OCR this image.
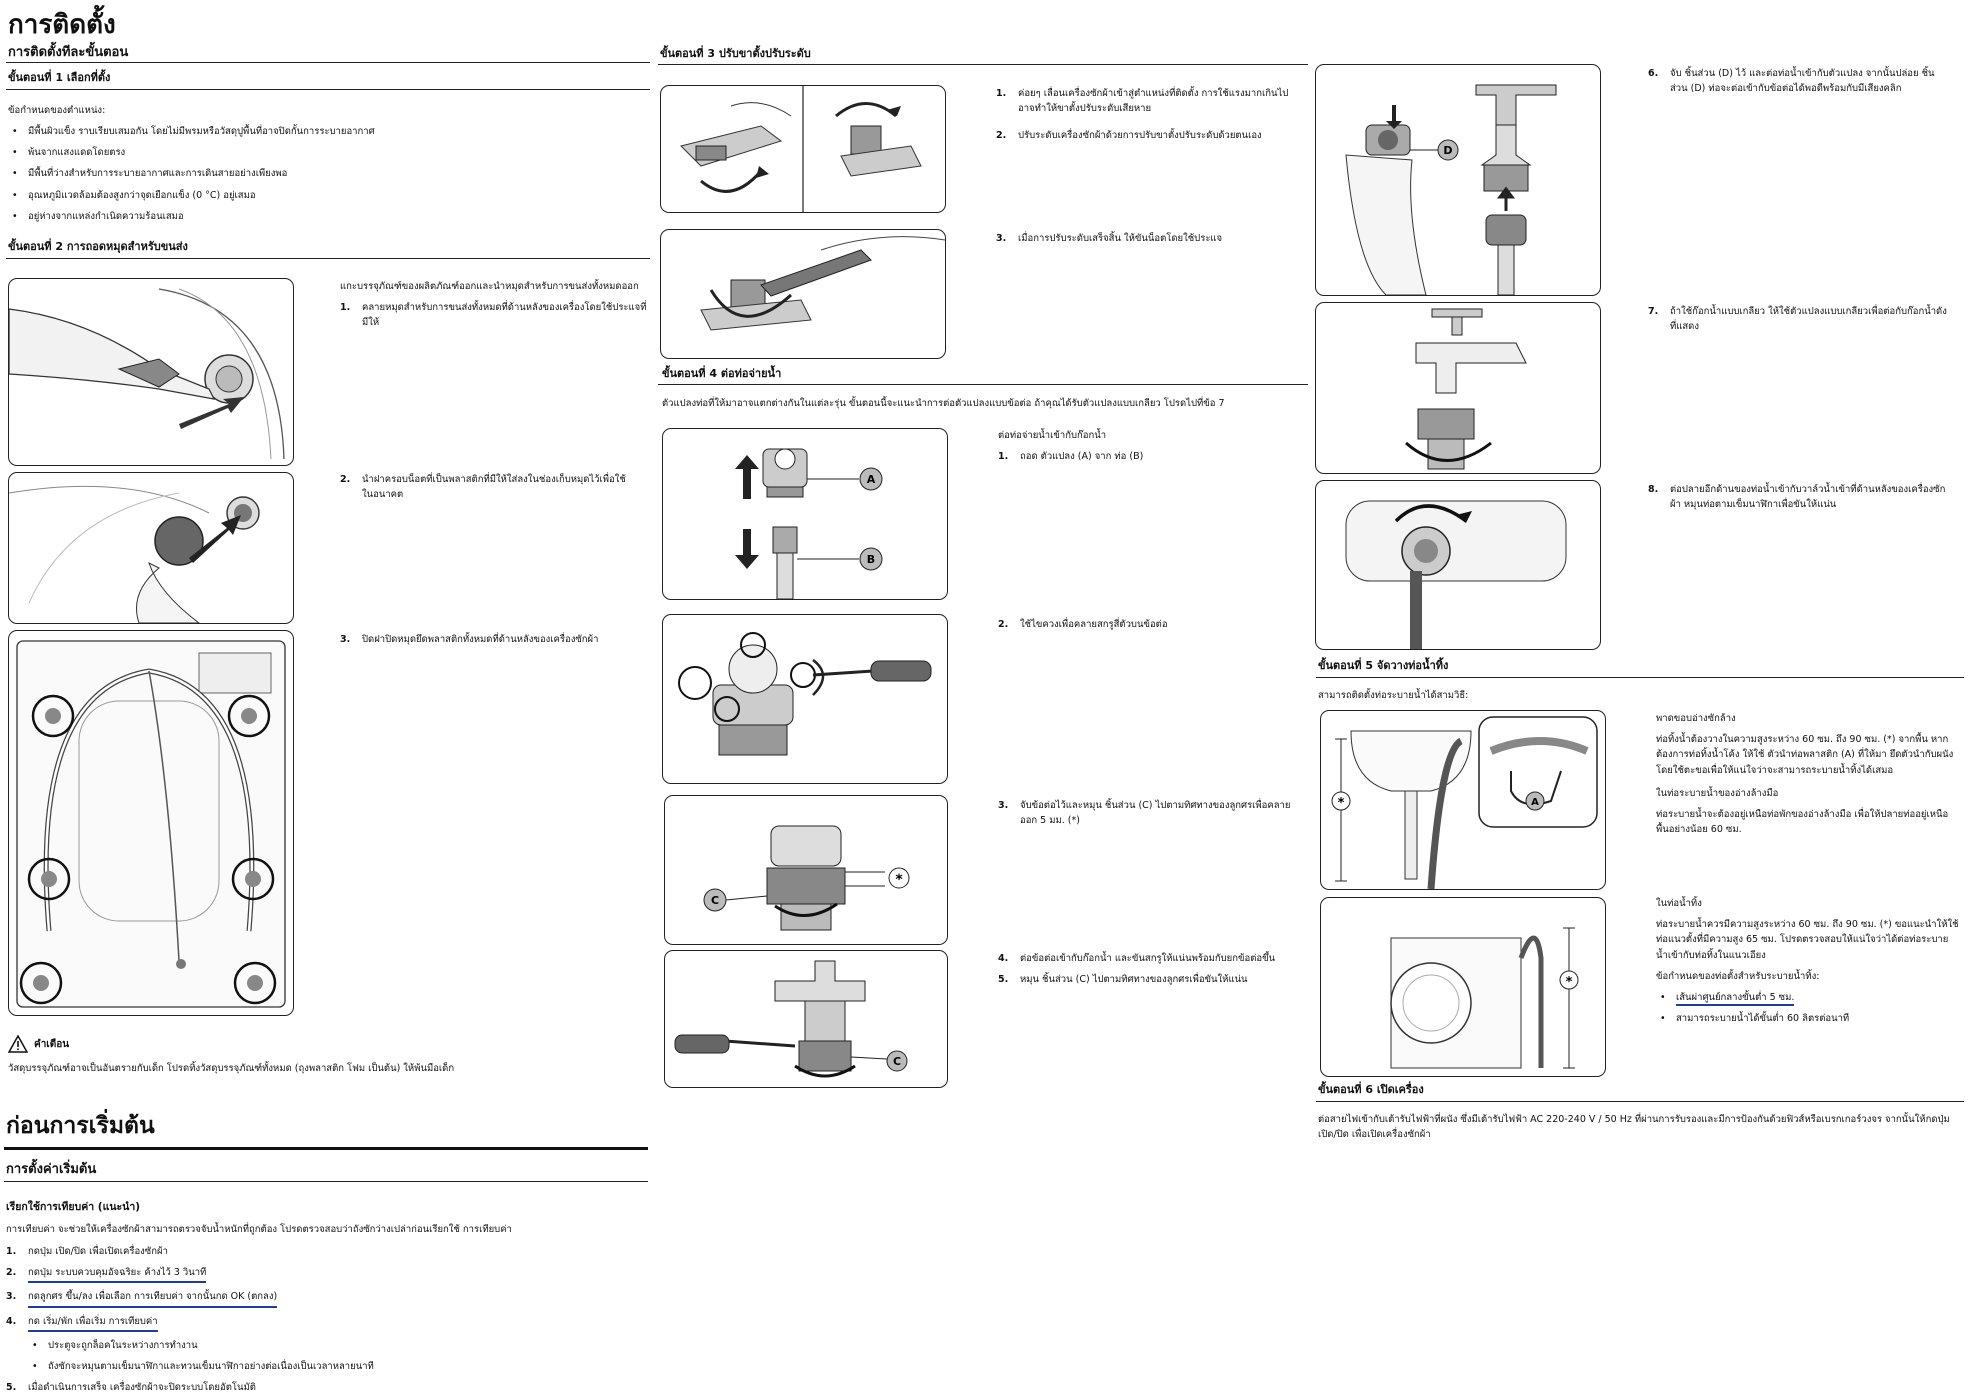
การติดตั้ง
การติดตั้งทีละขั้นตอน
ขั้นตอนที่ 1 เลือกที่ตั้ง
ข้อกำหนดของตำแหน่ง:
• มีพื้นผิวแข็ง ราบเรียบเสมอกัน โดยไม่มีพรมหรือวัสดุปูพื้นที่อาจปิดกั้นการระบายอากาศ
• พ้นจากแสงแดดโดยตรง
• มีพื้นที่ว่างสำหรับการระบายอากาศและการเดินสายอย่างเพียงพอ
• อุณหภูมิแวดล้อมต้องสูงกว่าจุดเยือกแข็ง (0 °C) อยู่เสมอ
• อยู่ห่างจากแหล่งกำเนิดความร้อนเสมอ
ขั้นตอนที่ 2 การถอดหมุดสำหรับขนส่ง
แกะบรรจุภัณฑ์ของผลิตภัณฑ์ออกและนำหมุดสำหรับการขนส่งทั้งหมดออก
1.	คลายหมุดสำหรับการขนส่งทั้งหมดที่ด้านหลังของเครื่องโดยใช้ประแจที่มีให้
2.	นำฝาครอบน็อตที่เป็นพลาสติกที่มีให้ใส่ลงในช่องเก็บหมุดไว้เพื่อใช้ในอนาคต
3.	ปิดฝาปิดหมุดยึดพลาสติกทั้งหมดที่ด้านหลังของเครื่องซักผ้า
คำเตือน
วัสดุบรรจุภัณฑ์อาจเป็นอันตรายกับเด็ก โปรดทิ้งวัสดุบรรจุภัณฑ์ทั้งหมด (ถุงพลาสติก โฟม เป็นต้น) ให้พ้นมือเด็ก
ก่อนการเริ่มต้น
การตั้งค่าเริ่มต้น
เรียกใช้การเทียบค่า (แนะนำ)
การเทียบค่า จะช่วยให้เครื่องซักผ้าสามารถตรวจจับน้ำหนักที่ถูกต้อง โปรดตรวจสอบว่าถังซักว่างเปล่าก่อนเรียกใช้ การเทียบค่า
1.	กดปุ่ม เปิด/ปิด เพื่อเปิดเครื่องซักผ้า
2.	กดปุ่ม ระบบควบคุมอัจฉริยะ ค้างไว้ 3 วินาที
3.	กดลูกศร ขึ้น/ลง เพื่อเลือก การเทียบค่า จากนั้นกด OK (ตกลง)
4.	กด เริ่ม/พัก เพื่อเริ่ม การเทียบค่า
• ประตูจะถูกล็อคในระหว่างการทำงาน
• ถังซักจะหมุนตามเข็มนาฬิกาและทวนเข็มนาฬิกาอย่างต่อเนื่องเป็นเวลาหลายนาที
5.	เมื่อดำเนินการเสร็จ เครื่องซักผ้าจะปิดระบบโดยอัตโนมัติ
ขั้นตอนที่ 3 ปรับขาตั้งปรับระดับ
1.	ค่อยๆ เลื่อนเครื่องซักผ้าเข้าสู่ตำแหน่งที่ติดตั้ง การใช้แรงมากเกินไปอาจทำให้ขาตั้งปรับระดับเสียหาย
2.	ปรับระดับเครื่องซักผ้าด้วยการปรับขาตั้งปรับระดับด้วยตนเอง
3.	เมื่อการปรับระดับเสร็จสิ้น ให้ขันน็อตโดยใช้ประแจ
ขั้นตอนที่ 4 ต่อท่อจ่ายน้ำ
ตัวแปลงท่อที่ให้มาอาจแตกต่างกันในแต่ละรุ่น ขั้นตอนนี้จะแนะนำการต่อตัวแปลงแบบข้อต่อ ถ้าคุณได้รับตัวแปลงแบบเกลียว โปรดไปที่ข้อ 7
A
B
*
C
C
ต่อท่อจ่ายน้ำเข้ากับก๊อกน้ำ
1.	ถอด ตัวแปลง (A) จาก ท่อ (B)
2.	ใช้ไขควงเพื่อคลายสกรูสี่ตัวบนข้อต่อ
3.	จับข้อต่อไว้และหมุน ชิ้นส่วน (C) ไปตามทิศทางของลูกศรเพื่อคลายออก 5 มม. (*)
4.	ต่อข้อต่อเข้ากับก๊อกน้ำ และขันสกรูให้แน่นพร้อมกับยกข้อต่อขึ้น
5.	หมุน ชิ้นส่วน (C) ไปตามทิศทางของลูกศรเพื่อขันให้แน่น
D
6.	จับ ชิ้นส่วน (D) ไว้ และต่อท่อน้ำเข้ากับตัวแปลง จากนั้นปล่อย ชิ้นส่วน (D) ท่อจะต่อเข้ากับข้อต่อได้พอดีพร้อมกับมีเสียงคลิก
7.	ถ้าใช้ก๊อกน้ำแบบเกลียว ให้ใช้ตัวแปลงแบบเกลียวเพื่อต่อกับก๊อกน้ำดังที่แสดง
8.	ต่อปลายอีกด้านของท่อน้ำเข้ากับวาล์วน้ำเข้าที่ด้านหลังของเครื่องซักผ้า หมุนท่อตามเข็มนาฬิกาเพื่อขันให้แน่น
ขั้นตอนที่ 5 จัดวางท่อน้ำทิ้ง
สามารถติดตั้งท่อระบายน้ำได้สามวิธี:
*	A
*
พาดขอบอ่างซักล้าง
ท่อทิ้งน้ำต้องวางในความสูงระหว่าง 60 ซม. ถึง 90 ซม. (*) จากพื้น หากต้องการท่อทิ้งน้ำโค้ง ให้ใช้ ตัวนำท่อพลาสติก (A) ที่ให้มา ยึดตัวนำกับผนังโดยใช้ตะขอเพื่อให้แน่ใจว่าจะสามารถระบายน้ำทิ้งได้เสมอ
ในท่อระบายน้ำของอ่างล้างมือ
ท่อระบายน้ำจะต้องอยู่เหนือท่อพักของอ่างล้างมือ เพื่อให้ปลายท่ออยู่เหนือพื้นอย่างน้อย 60 ซม.
ในท่อน้ำทิ้ง
ท่อระบายน้ำควรมีความสูงระหว่าง 60 ซม. ถึง 90 ซม. (*) ขอแนะนำให้ใช้ท่อแนวตั้งที่มีความสูง 65 ซม. โปรดตรวจสอบให้แน่ใจว่าได้ต่อท่อระบายน้ำเข้ากับท่อทิ้งในแนวเอียง
ข้อกำหนดของท่อตั้งสำหรับระบายน้ำทิ้ง:
• เส้นผ่าศูนย์กลางขั้นต่ำ 5 ซม.
• สามารถระบายน้ำได้ขั้นต่ำ 60 ลิตรต่อนาที
ขั้นตอนที่ 6 เปิดเครื่อง
ต่อสายไฟเข้ากับเต้ารับไฟฟ้าที่ผนัง ซึ่งมีเต้ารับไฟฟ้า AC 220-240 V / 50 Hz ที่ผ่านการรับรองและมีการป้องกันด้วยฟิวส์หรือเบรกเกอร์วงจร จากนั้นให้กดปุ่ม เปิด/ปิด เพื่อเปิดเครื่องซักผ้า
